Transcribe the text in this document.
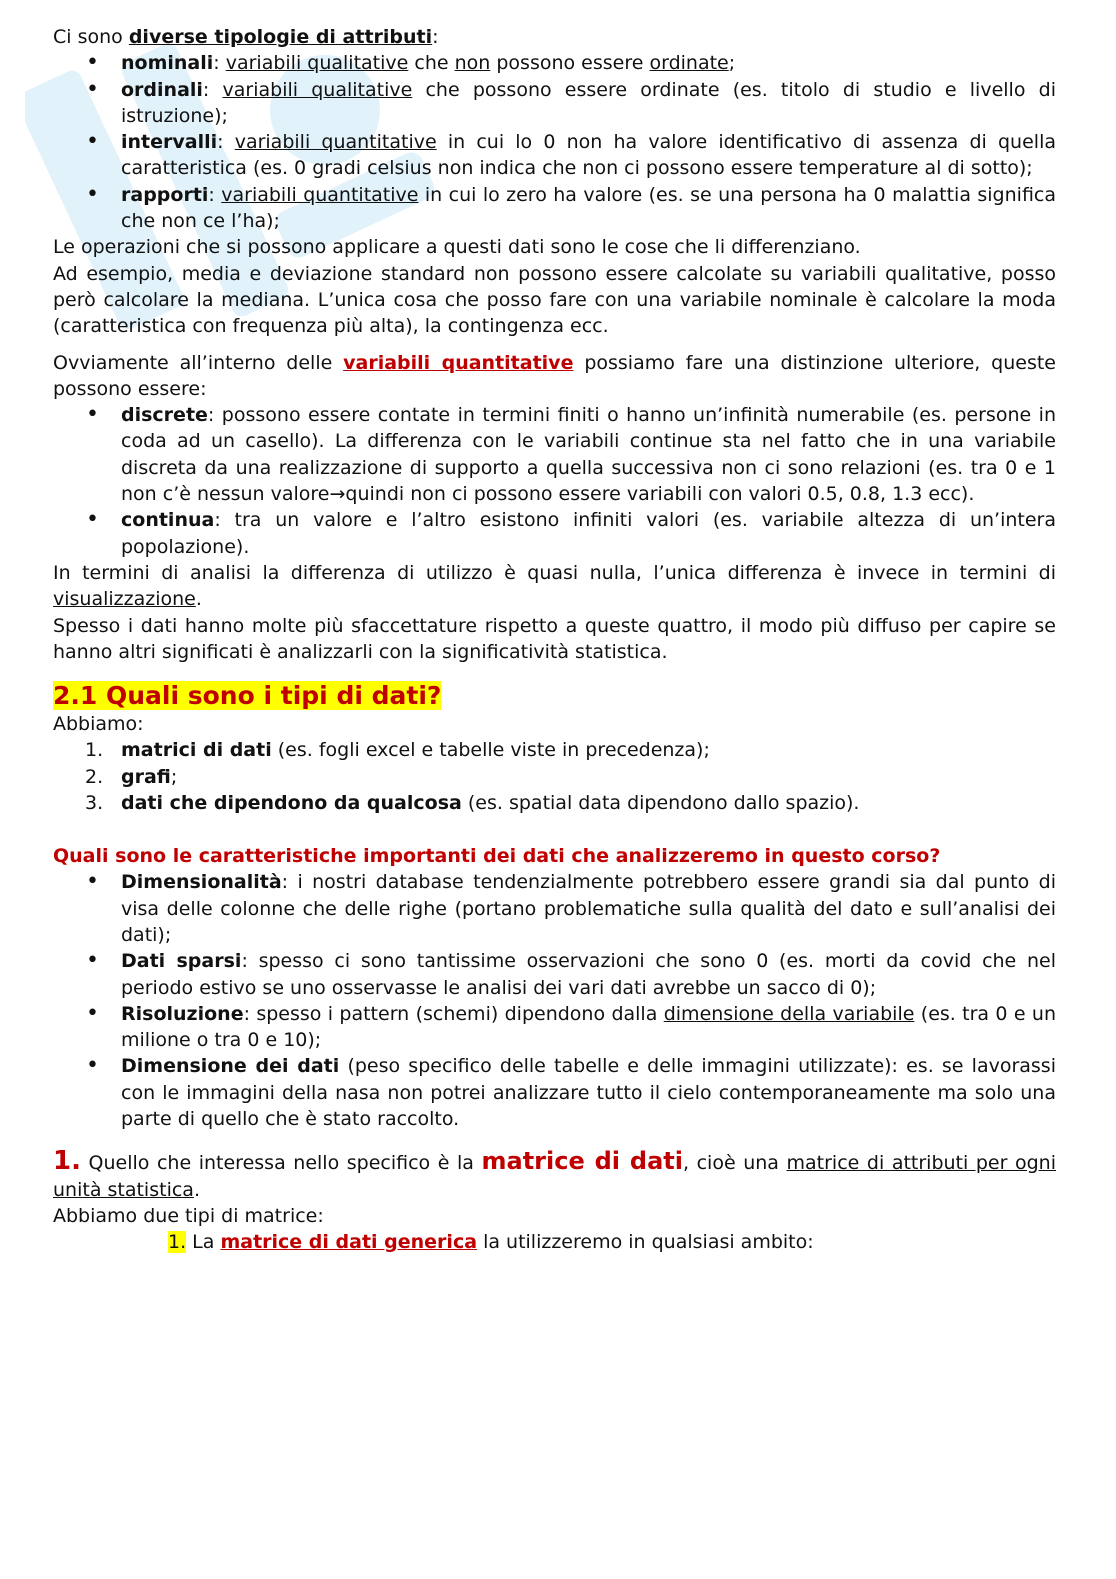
Ci sono diverse tipologie di attributi:

• nominali: variabili qualitative che non possono essere ordinate;
• ordinali: variabili qualitative che possono essere ordinate (es. titolo di studio e livello di istruzione);
• intervalli: variabili quantitative in cui lo 0 non ha valore identificativo di assenza di quella caratteristica (es. 0 gradi celsius non indica che non ci possono essere temperature al di sotto);
• rapporti: variabili quantitative in cui lo zero ha valore (es. se una persona ha 0 malattia significa che non ce l’ha);

Le operazioni che si possono applicare a questi dati sono le cose che li differenziano.

Ad esempio, media e deviazione standard non possono essere calcolate su variabili qualitative, posso però calcolare la mediana. L’unica cosa che posso fare con una variabile nominale è calcolare la moda (caratteristica con frequenza più alta), la contingenza ecc.

Ovviamente all’interno delle variabili quantitative possiamo fare una distinzione ulteriore, queste possono essere:

• discrete: possono essere contate in termini finiti o hanno un’infinità numerabile (es. persone in coda ad un casello). La differenza con le variabili continue sta nel fatto che in una variabile discreta da una realizzazione di supporto a quella successiva non ci sono relazioni (es. tra 0 e 1 non c’è nessun valore→quindi non ci possono essere variabili con valori 0.5, 0.8, 1.3 ecc).
• continua: tra un valore e l’altro esistono infiniti valori (es. variabile altezza di un’intera popolazione).

In termini di analisi la differenza di utilizzo è quasi nulla, l’unica differenza è invece in termini di visualizzazione.

Spesso i dati hanno molte più sfaccettature rispetto a queste quattro, il modo più diffuso per capire se hanno altri significati è analizzarli con la significatività statistica.

2.1 Quali sono i tipi di dati?

Abbiamo:

1. matrici di dati (es. fogli excel e tabelle viste in precedenza);
2. grafi;
3. dati che dipendono da qualcosa (es. spatial data dipendono dallo spazio).

Quali sono le caratteristiche importanti dei dati che analizzeremo in questo corso?

• Dimensionalità: i nostri database tendenzialmente potrebbero essere grandi sia dal punto di visa delle colonne che delle righe (portano problematiche sulla qualità del dato e sull’analisi dei dati);
• Dati sparsi: spesso ci sono tantissime osservazioni che sono 0 (es. morti da covid che nel periodo estivo se uno osservasse le analisi dei vari dati avrebbe un sacco di 0);
• Risoluzione: spesso i pattern (schemi) dipendono dalla dimensione della variabile (es. tra 0 e un milione o tra 0 e 10);
• Dimensione dei dati (peso specifico delle tabelle e delle immagini utilizzate): es. se lavorassi con le immagini della nasa non potrei analizzare tutto il cielo contemporaneamente ma solo una parte di quello che è stato raccolto.

1. Quello che interessa nello specifico è la matrice di dati, cioè una matrice di attributi per ogni unità statistica.

Abbiamo due tipi di matrice:

1. La matrice di dati generica la utilizzeremo in qualsiasi ambito:
